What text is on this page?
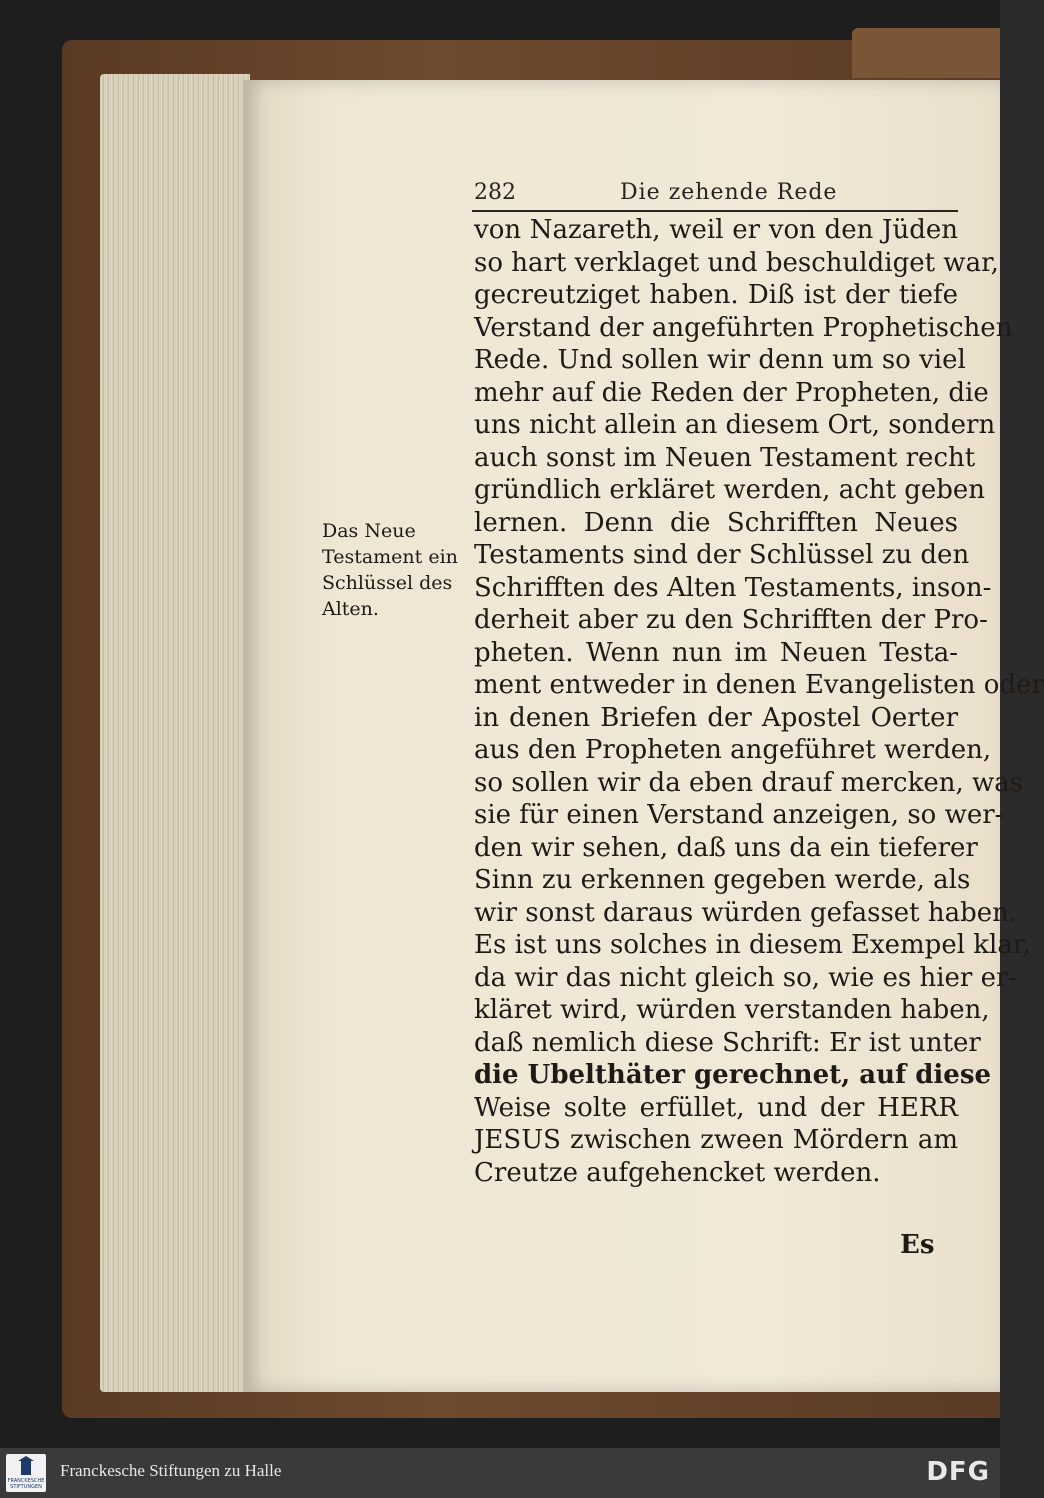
282	Die zehende Rede
Das Neue
Testament ein
Schlüssel des
Alten.
von Nazareth, weil er von den Jüden
so hart verklaget und beschuldiget war,
gecreutziget haben. Diß ist der tiefe
Verstand der angeführten Prophetischen
Rede. Und sollen wir denn um so viel
mehr auf die Reden der Propheten, die
uns nicht allein an diesem Ort, sondern
auch sonst im Neuen Testament recht
gründlich erkläret werden, acht geben
lernen. Denn die Schrifften Neues
Testaments sind der Schlüssel zu den
Schrifften des Alten Testaments, inson-
derheit aber zu den Schrifften der Pro-
pheten. Wenn nun im Neuen Testa-
ment entweder in denen Evangelisten oder
in denen Briefen der Apostel Oerter
aus den Propheten angeführet werden,
so sollen wir da eben drauf mercken, was
sie für einen Verstand anzeigen, so wer-
den wir sehen, daß uns da ein tieferer
Sinn zu erkennen gegeben werde, als
wir sonst daraus würden gefasset haben.
Es ist uns solches in diesem Exempel klar,
da wir das nicht gleich so, wie es hier er-
kläret wird, würden verstanden haben,
daß nemlich diese Schrift: Er ist unter
die Ubelthäter gerechnet, auf diese
Weise solte erfüllet, und der HERR
JESUS zwischen zween Mördern am
Creutze aufgehencket werden.
Es
FRANCKESCHE STIFTUNGEN
Franckesche Stiftungen zu Halle	DFG
